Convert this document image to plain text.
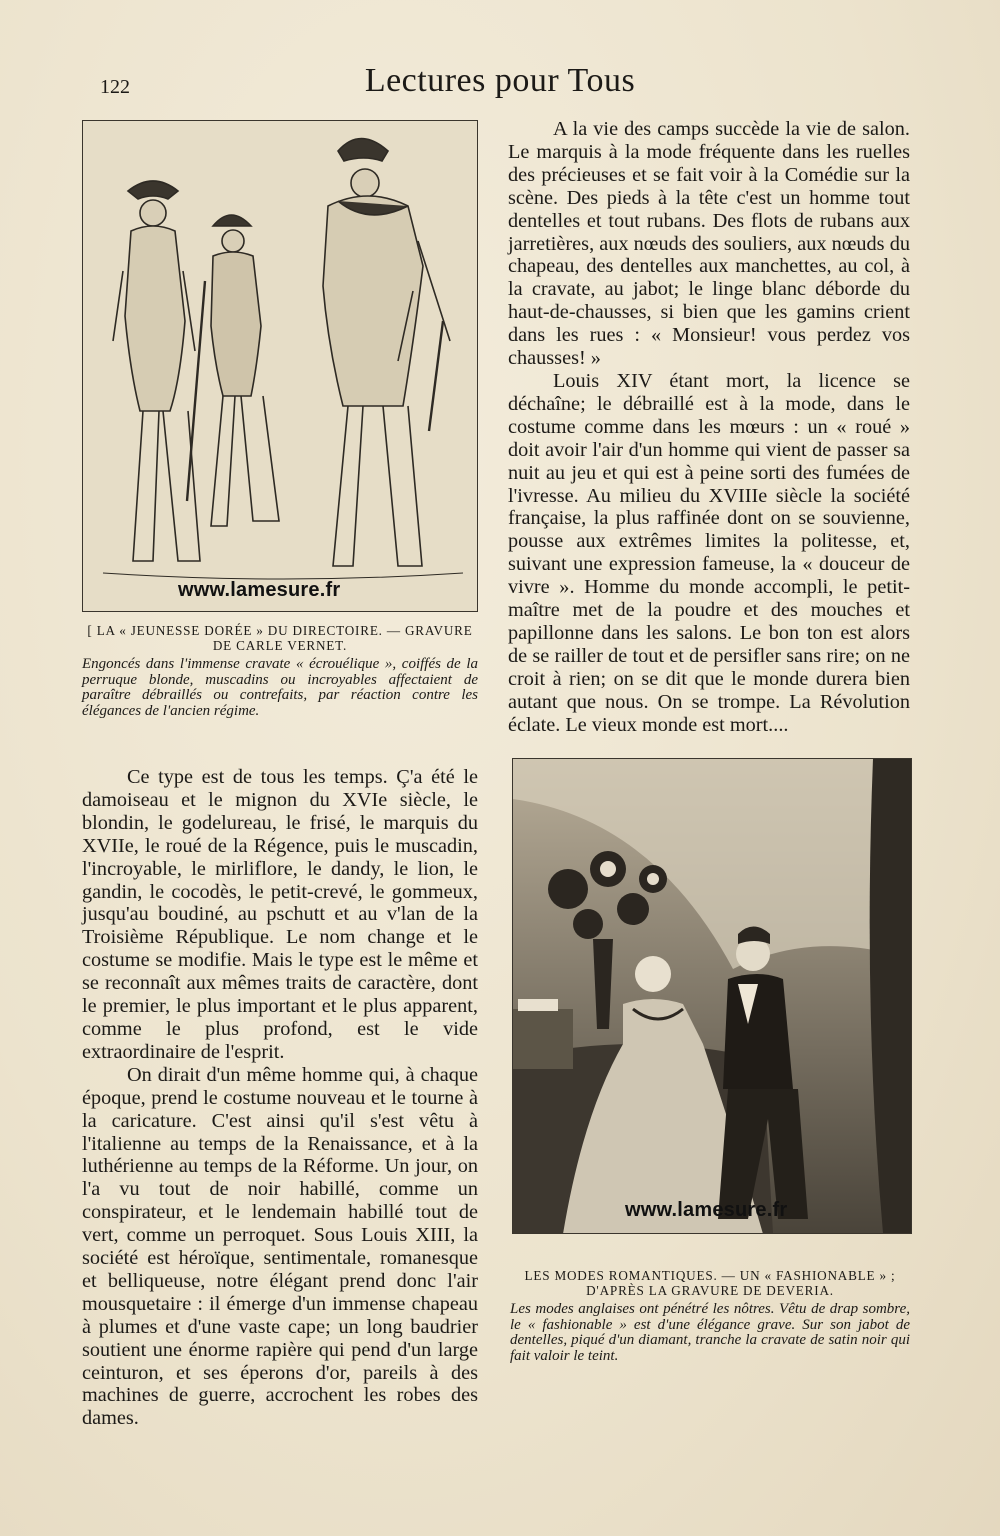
122	Lectures pour Tous
www.lamesure.fr
[ LA « JEUNESSE DORÉE » DU DIRECTOIRE. — GRAVURE DE CARLE VERNET.
Engoncés dans l'immense cravate « écrouélique », coiffés de la perruque blonde, muscadins ou incroyables affectaient de paraître débraillés ou contrefaits, par réaction contre les élégances de l'ancien régime.

Ce type est de tous les temps. Ç'a été le damoiseau et le mignon du XVIe siècle, le blondin, le godelureau, le frisé, le marquis du XVIIe, le roué de la Régence, puis le muscadin, l'incroyable, le mirliflore, le dandy, le lion, le gandin, le cocodès, le petit-crevé, le gommeux, jusqu'au boudiné, au pschutt et au v'lan de la Troisième République. Le nom change et le costume se modifie. Mais le type est le même et se reconnaît aux mêmes traits de caractère, dont le premier, le plus important et le plus apparent, comme le plus profond, est le vide extraordinaire de l'esprit.

On dirait d'un même homme qui, à chaque époque, prend le costume nouveau et le tourne à la caricature. C'est ainsi qu'il s'est vêtu à l'italienne au temps de la Renaissance, et à la luthérienne au temps de la Réforme. Un jour, on l'a vu tout de noir habillé, comme un conspirateur, et le lendemain habillé tout de vert, comme un perroquet. Sous Louis XIII, la société est héroïque, sentimentale, romanesque et belliqueuse, notre élégant prend donc l'air mousquetaire : il émerge d'un immense chapeau à plumes et d'une vaste cape; un long baudrier soutient une énorme rapière qui pend d'un large ceinturon, et ses éperons d'or, pareils à des machines de guerre, accrochent les robes des dames.

A la vie des camps succède la vie de salon. Le marquis à la mode fréquente dans les ruelles des précieuses et se fait voir à la Comédie sur la scène. Des pieds à la tête c'est un homme tout dentelles et tout rubans. Des flots de rubans aux jarretières, aux nœuds des souliers, aux nœuds du chapeau, des dentelles aux manchettes, au col, à la cravate, au jabot; le linge blanc déborde du haut-de-chausses, si bien que les gamins crient dans les rues : « Monsieur! vous perdez vos chausses! »

Louis XIV étant mort, la licence se déchaîne; le débraillé est à la mode, dans le costume comme dans les mœurs : un « roué » doit avoir l'air d'un homme qui vient de passer sa nuit au jeu et qui est à peine sorti des fumées de l'ivresse. Au milieu du XVIIIe siècle la société française, la plus raffinée dont on se souvienne, pousse aux extrêmes limites la politesse, et, suivant une expression fameuse, la « douceur de vivre ». Homme du monde accompli, le petit-maître met de la poudre et des mouches et papillonne dans les salons. Le bon ton est alors de se railler de tout et de persifler sans rire; on ne croit à rien; on se dit que le monde durera bien autant que nous. On se trompe. La Révolution éclate. Le vieux monde est mort....

www.lamesure.fr
LES MODES ROMANTIQUES. — UN « FASHIONABLE » ; D'APRÈS LA GRAVURE DE DEVERIA.
Les modes anglaises ont pénétré les nôtres. Vêtu de drap sombre, le « fashionable » est d'une élégance grave. Sur son jabot de dentelles, piqué d'un diamant, tranche la cravate de satin noir qui fait valoir le teint.
